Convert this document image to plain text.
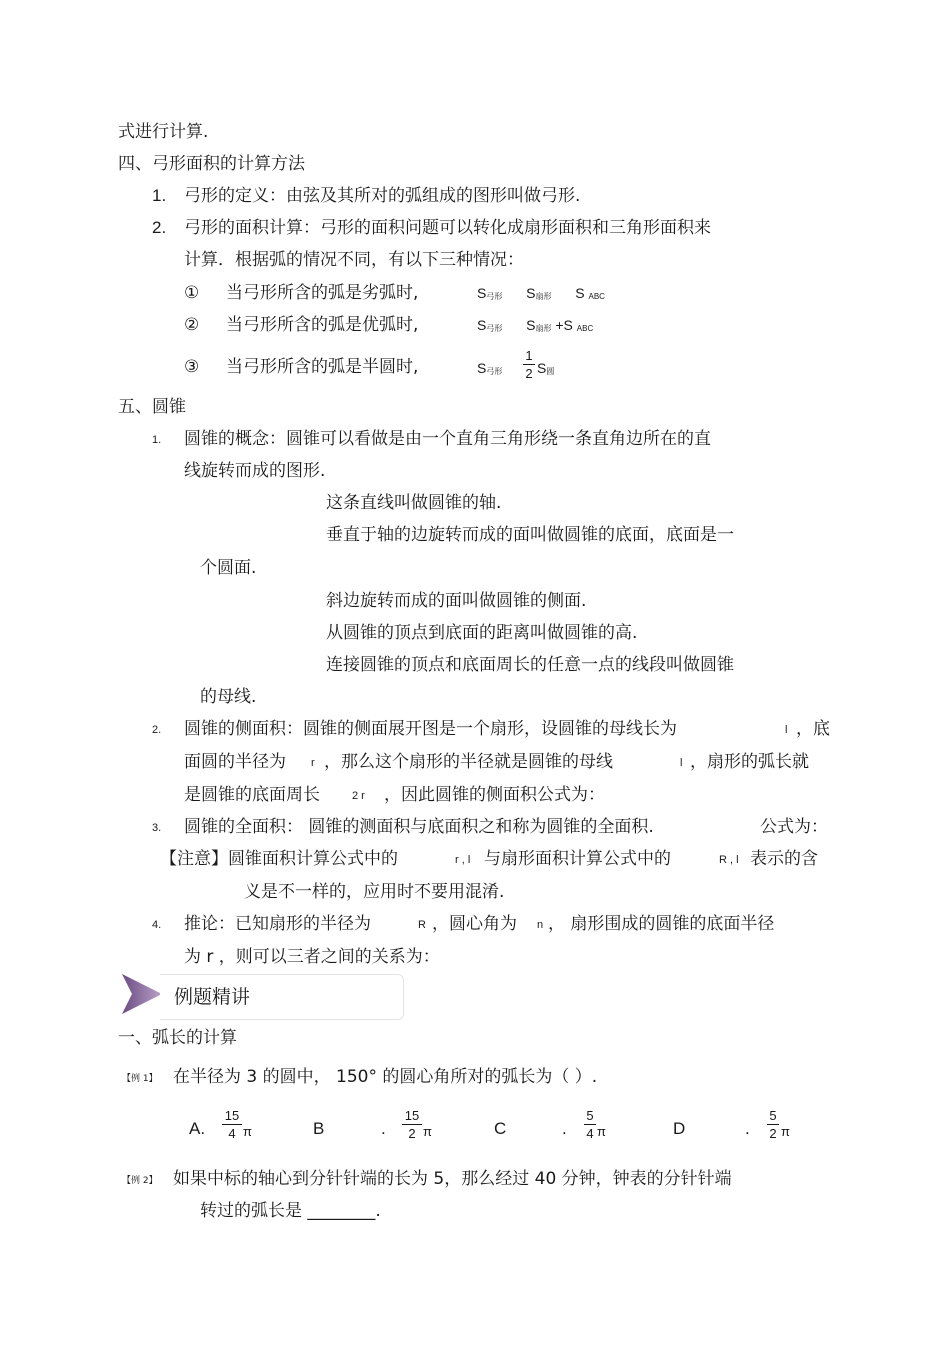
式进行计算.
四、弓形面积的计算方法
1. 弓形的定义：由弦及其所对的弧组成的图形叫做弓形.
2. 弓形的面积计算：弓形的面积问题可以转化成扇形面积和三角形面积来
计算．根据弧的情况不同，有以下三种情况：
① 当弓形所含的弧是劣弧时,	S弓形 S扇形 S ABC
② 当弓形所含的弧是优弧时,	S弓形 S扇形 +S ABC
③ 当弓形所含的弧是半圆时,	S弓形
1
2 S圆
五、圆锥
1. 圆锥的概念：圆锥可以看做是由一个直角三角形绕一条直角边所在的直
线旋转而成的图形.
这条直线叫做圆锥的轴.
垂直于轴的边旋转而成的面叫做圆锥的底面，底面是一
个圆面.
斜边旋转而成的面叫做圆锥的侧面.
从圆锥的顶点到底面的距离叫做圆锥的高.
连接圆锥的顶点和底面周长的任意一点的线段叫做圆锥
的母线.
2. 圆锥的侧面积：圆锥的侧面展开图是一个扇形，设圆锥的母线长为	l ，底
面圆的半径为 r ，那么这个扇形的半径就是圆锥的母线	l ，扇形的弧长就
是圆锥的底面周长	2 r ，因此圆锥的侧面积公式为：
3. 圆锥的全面积： 圆锥的测面积与底面积之和称为圆锥的全面积.	公式为：
【注意】圆锥面积计算公式中的	r , l 与扇形面积计算公式中的	R , l 表示的含
义是不一样的，应用时不要用混淆.
4. 推论：已知扇形的半径为	R ，圆心角为 n ， 扇形围成的圆锥的底面半径
为 r ，则可以三者之间的关系为：
例题精讲
一、弧长的计算
【例 1】 在半径为 3 的圆中， 150° 的圆心角所对的弧长为（ ）.
A.
15
4 π	B	.
15
2 π	C	.
5
4 π	D	.
5
2 π
【例 2】 如果中标的轴心到分针针端的长为 5，那么经过 40 分钟，钟表的分针针端
转过的弧长是 ________.
